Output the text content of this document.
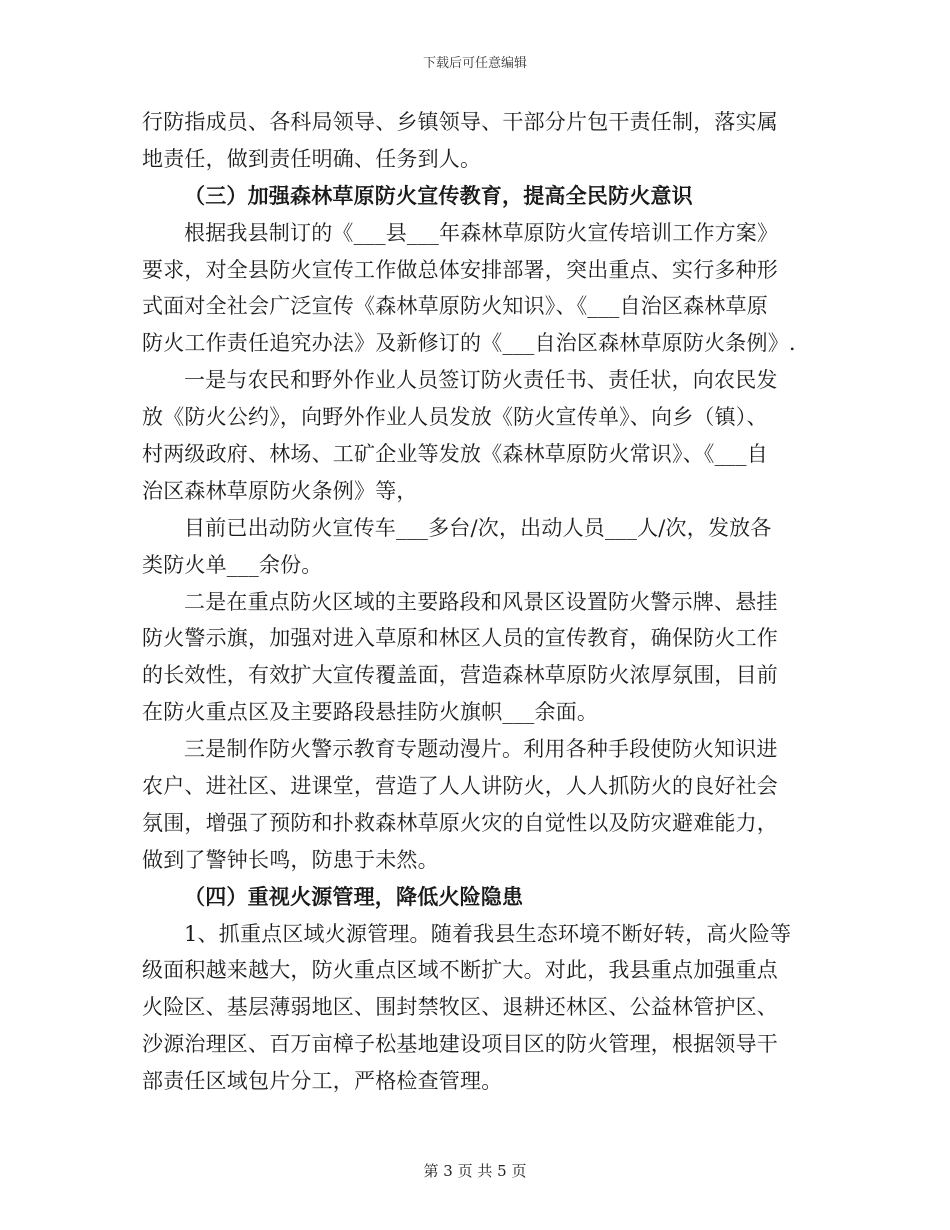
下载后可任意编辑
行防指成员、各科局领导、乡镇领导、干部分片包干责任制，落实属
地责任，做到责任明确、任务到人。
（三）加强森林草原防火宣传教育，提高全民防火意识
根据我县制订的《___县___年森林草原防火宣传培训工作方案》
要求，对全县防火宣传工作做总体安排部署，突出重点、实行多种形
式面对全社会广泛宣传《森林草原防火知识》、《___自治区森林草原
防火工作责任追究办法》及新修订的《___自治区森林草原防火条例》.
一是与农民和野外作业人员签订防火责任书、责任状，向农民发
放《防火公约》，向野外作业人员发放《防火宣传单》、向乡（镇）、
村两级政府、林场、工矿企业等发放《森林草原防火常识》、《___自
治区森林草原防火条例》等，
目前已出动防火宣传车___多台/次，出动人员___人/次，发放各
类防火单___余份。
二是在重点防火区域的主要路段和风景区设置防火警示牌、悬挂
防火警示旗，加强对进入草原和林区人员的宣传教育，确保防火工作
的长效性，有效扩大宣传覆盖面，营造森林草原防火浓厚氛围，目前
在防火重点区及主要路段悬挂防火旗帜___余面。
三是制作防火警示教育专题动漫片。利用各种手段使防火知识进
农户、进社区、进课堂，营造了人人讲防火，人人抓防火的良好社会
氛围，增强了预防和扑救森林草原火灾的自觉性以及防灾避难能力，
做到了警钟长鸣，防患于未然。
（四）重视火源管理，降低火险隐患
1、抓重点区域火源管理。随着我县生态环境不断好转，高火险等
级面积越来越大，防火重点区域不断扩大。对此，我县重点加强重点
火险区、基层薄弱地区、围封禁牧区、退耕还林区、公益林管护区、
沙源治理区、百万亩樟子松基地建设项目区的防火管理，根据领导干
部责任区域包片分工，严格检查管理。
第 3 页 共 5 页
